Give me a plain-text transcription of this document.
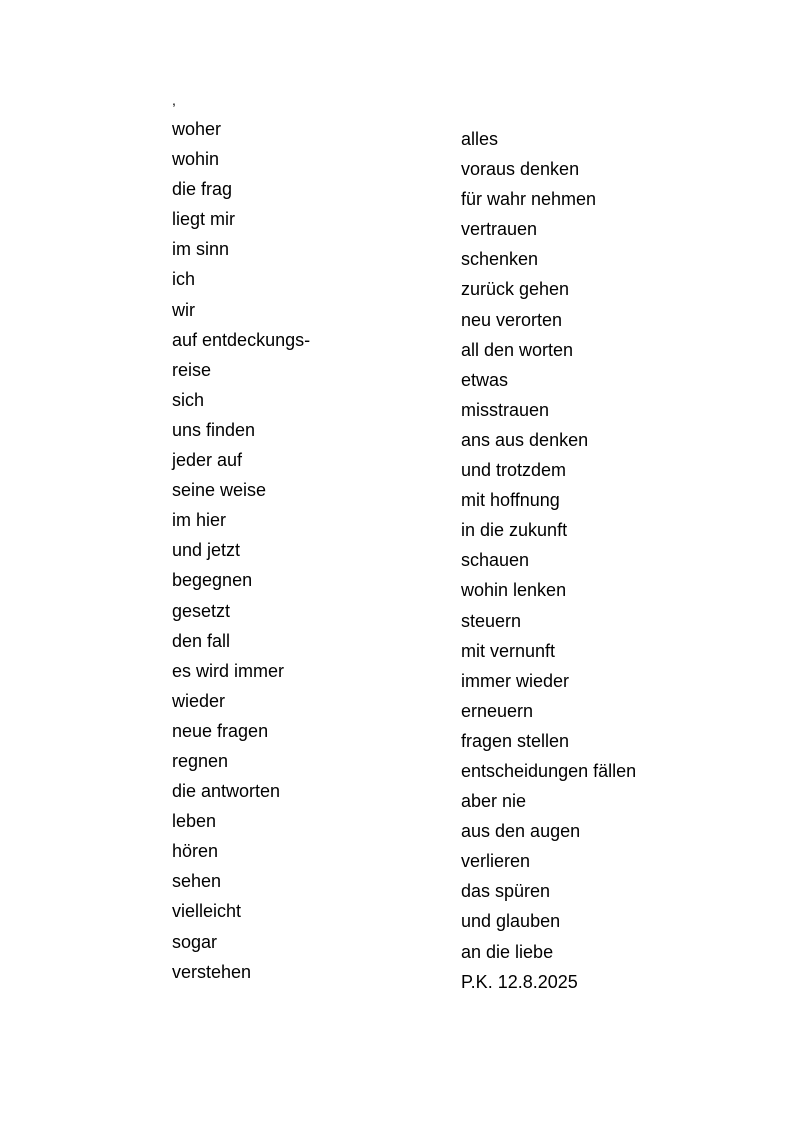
,
woher
wohin
die frag
liegt mir
im sinn
ich
wir
auf entdeckungs-
reise
sich
uns finden
jeder auf
seine weise
im hier
und jetzt
begegnen
gesetzt
den fall
es wird immer
wieder
neue fragen
regnen
die antworten
leben
hören
sehen
vielleicht
sogar
verstehen
alles
voraus denken
für wahr nehmen
vertrauen
schenken
zurück gehen
neu verorten
all den worten
etwas
misstrauen
ans aus denken
und trotzdem
mit hoffnung
in die zukunft
schauen
wohin lenken
steuern
mit vernunft
immer wieder
erneuern
fragen stellen
entscheidungen fällen
aber nie
aus den augen
verlieren
das spüren
und glauben
an die liebe
P.K. 12.8.2025
